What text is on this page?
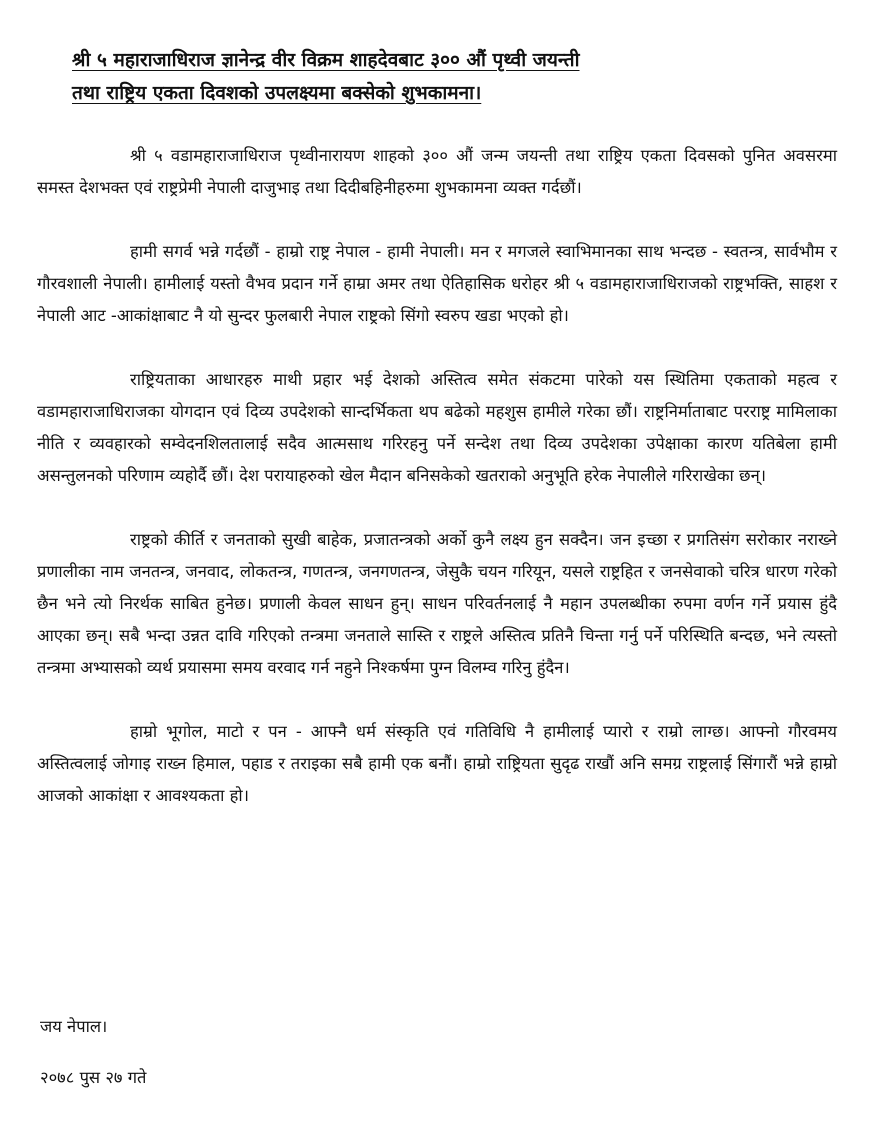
श्री ५ महाराजाधिराज ज्ञानेन्द्र वीर विक्रम शाहदेवबाट ३०० औं पृथ्वी जयन्ती
तथा राष्ट्रिय एकता दिवशको उपलक्ष्यमा बक्सेको शुभकामना।

श्री ५ वडामहाराजाधिराज पृथ्वीनारायण शाहको ३०० औं जन्म जयन्ती तथा राष्ट्रिय एकता दिवसको पुनित अवसरमा समस्त देशभक्त एवं राष्ट्रप्रेमी नेपाली दाजुभाइ तथा दिदीबहिनीहरुमा शुभकामना व्यक्त गर्दछौं।

हामी सगर्व भन्ने गर्दछौं - हाम्रो राष्ट्र नेपाल - हामी नेपाली। मन र मगजले स्वाभिमानका साथ भन्दछ - स्वतन्त्र, सार्वभौम र गौरवशाली नेपाली। हामीलाई यस्तो वैभव प्रदान गर्ने हाम्रा अमर तथा ऐतिहासिक धरोहर श्री ५ वडामहाराजाधिराजको राष्ट्रभक्ति, साहश र नेपाली आट -आकांक्षाबाट नै यो सुन्दर फुलबारी नेपाल राष्ट्रको सिंगो स्वरुप खडा भएको हो।

राष्ट्रियताका आधारहरु माथी प्रहार भई देशको अस्तित्व समेत संकटमा पारेको यस स्थितिमा एकताको महत्व र वडामहाराजाधिराजका योगदान एवं दिव्य उपदेशको सान्दर्भिकता थप बढेको महशुस हामीले गरेका छौं। राष्ट्रनिर्माताबाट परराष्ट्र मामिलाका नीति र व्यवहारको सम्वेदनशिलतालाई सदैव आत्मसाथ गरिरहनु पर्ने सन्देश तथा दिव्य उपदेशका उपेक्षाका कारण यतिबेला हामी असन्तुलनको परिणाम व्यहोर्दै छौं। देश परायाहरुको खेल मैदान बनिसकेको खतराको अनुभूति हरेक नेपालीले गरिराखेका छन्।

राष्ट्रको कीर्ति र जनताको सुखी बाहेक, प्रजातन्त्रको अर्को कुनै लक्ष्य हुन सक्दैन। जन इच्छा र प्रगतिसंग सरोकार नराख्ने प्रणालीका नाम जनतन्त्र, जनवाद, लोकतन्त्र, गणतन्त्र, जनगणतन्त्र, जेसुकै चयन गरियून, यसले राष्ट्रहित र जनसेवाको चरित्र धारण गरेको छैन भने त्यो निरर्थक साबित हुनेछ। प्रणाली केवल साधन हुन्। साधन परिवर्तनलाई नै महान उपलब्धीका रुपमा वर्णन गर्ने प्रयास हुंदै आएका छन्। सबै भन्दा उन्नत दावि गरिएको तन्त्रमा जनताले सास्ति र राष्ट्रले अस्तित्व प्रतिनै चिन्ता गर्नु पर्ने परिस्थिति बन्दछ, भने त्यस्तो तन्त्रमा अभ्यासको व्यर्थ प्रयासमा समय वरवाद गर्न नहुने निश्कर्षमा पुग्न विलम्व गरिनु हुंदैन।

हाम्रो भूगोल, माटो र पन - आफ्नै धर्म संस्कृति एवं गतिविधि नै हामीलाई प्यारो र राम्रो लाग्छ। आफ्नो गौरवमय अस्तित्वलाई जोगाइ राख्न हिमाल, पहाड र तराइका सबै हामी एक बनौं। हाम्रो राष्ट्रियता सुदृढ राखौं अनि समग्र राष्ट्रलाई सिंगारौं भन्ने हाम्रो आजको आकांक्षा र आवश्यकता हो।

जय नेपाल।
२०७८ पुस २७ गते
